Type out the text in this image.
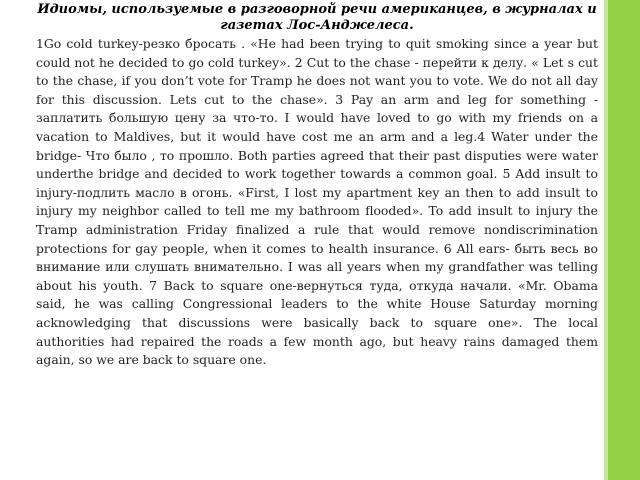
Идиомы, используемые в разговорной речи американцев, в журналах и газетах Лос-Анджелеса.

1Go cold turkey-резко бросать . «He had been trying to quit smoking since a year but could not he decided to go cold turkey». 2 Cut to the chase - перейти к делу. « Let s cut to the chase, if you don’t vote for Tramp he does not want you to vote. We do not all day for this discussion. Lets cut to the chase». 3 Pay an arm and leg for something - заплатить большую цену за что-то. I would have loved to go with my friends on a vacation to Maldives, but it would have cost me an arm and a leg.4 Water under the bridge- Что было , то прошло. Both parties agreed that their past disputies were water underthe bridge and decided to work together towards a common goal. 5 Add insult to injury-подлить масло в огонь. «First, I lost my apartment key an then to add insult to injury my neighbor called to tell me my bathroom flooded». To add insult to injury the Tramp administration Friday finalized a rule that would remove nondiscrimination protections for gay people, when it comes to health insurance. 6 All ears- быть весь во внимание или слушать внимательно. I was all years when my grandfather was telling about his youth. 7 Back to square one-вернуться туда, откуда начали. «Mr. Obama said, he was calling Congressional leaders to the white House Saturday morning acknowledging that discussions were basically back to square one». The local authorities had repaired the roads a few month ago, but heavy rains damaged them again, so we are back to square one.
